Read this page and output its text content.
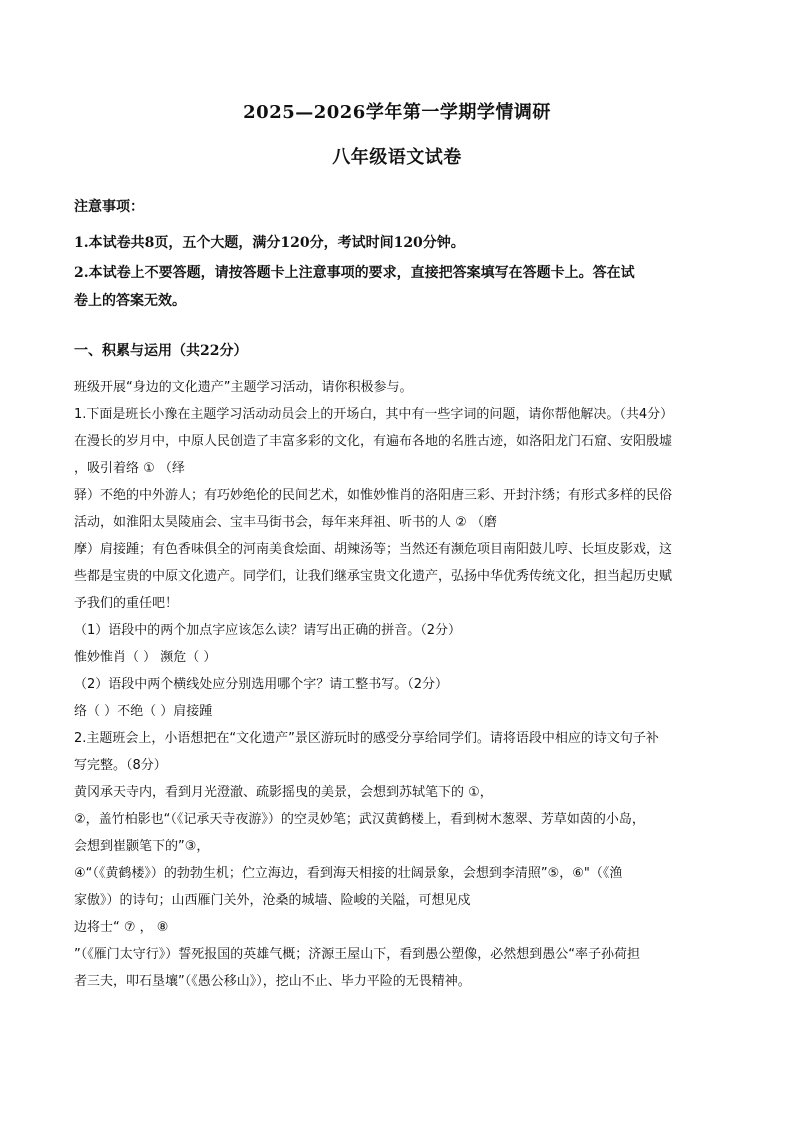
2025—2026学年第一学期学情调研
八年级语文试卷
注意事项：
1.本试卷共8页，五个大题，满分120分，考试时间120分钟。
2.本试卷上不要答题，请按答题卡上注意事项的要求，直接把答案填写在答题卡上。答在试
卷上的答案无效。
一、积累与运用（共22分）
班级开展“身边的文化遗产”主题学习活动，请你积极参与。
1.下面是班长小豫在主题学习活动动员会上的开场白，其中有一些字词的问题，请你帮他解决。（共4分）
在漫长的岁月中，中原人民创造了丰富多彩的文化，有遍布各地的名胜古迹，如洛阳龙门石窟、安阳殷墟
，吸引着络 ① （绎
驿）不绝的中外游人；有巧妙绝伦的民间艺术，如惟妙惟肖的洛阳唐三彩、开封汴绣；有形式多样的民俗
活动，如淮阳太昊陵庙会、宝丰马街书会，每年来拜祖、听书的人 ② （磨
摩）肩接踵；有色香味俱全的河南美食烩面、胡辣汤等；当然还有濒危项目南阳鼓儿哼、长垣皮影戏，这
些都是宝贵的中原文化遗产。同学们，让我们继承宝贵文化遗产，弘扬中华优秀传统文化，担当起历史赋
予我们的重任吧！
（1）语段中的两个加点字应该怎么读？请写出正确的拼音。（2分）
惟妙惟肖（ ） 濒危（ ）
（2）语段中两个横线处应分别选用哪个字？请工整书写。（2分）
络（ ）不绝（ ）肩接踵
2.主题班会上，小语想把在“文化遗产”景区游玩时的感受分享给同学们。请将语段中相应的诗文句子补
写完整。（8分）
黄冈承天寺内，看到月光澄澈、疏影摇曳的美景，会想到苏轼笔下的 ①，
②，盖竹柏影也“（《记承天寺夜游》）的空灵妙笔；武汉黄鹤楼上，看到树木葱翠、芳草如茵的小岛，
会想到崔颢笔下的”③，
④“（《黄鹤楼》）的勃勃生机；伫立海边，看到海天相接的壮阔景象，会想到李清照”⑤，⑥"（《渔
家傲》）的诗句；山西雁门关外，沧桑的城墙、险峻的关隘，可想见戍
边将士“ ⑦ ， ⑧
”（《雁门太守行》）誓死报国的英雄气概；济源王屋山下，看到愚公塑像，必然想到愚公“率子孙荷担
者三夫，叩石垦壤”（《愚公移山》），挖山不止、毕力平险的无畏精神。
